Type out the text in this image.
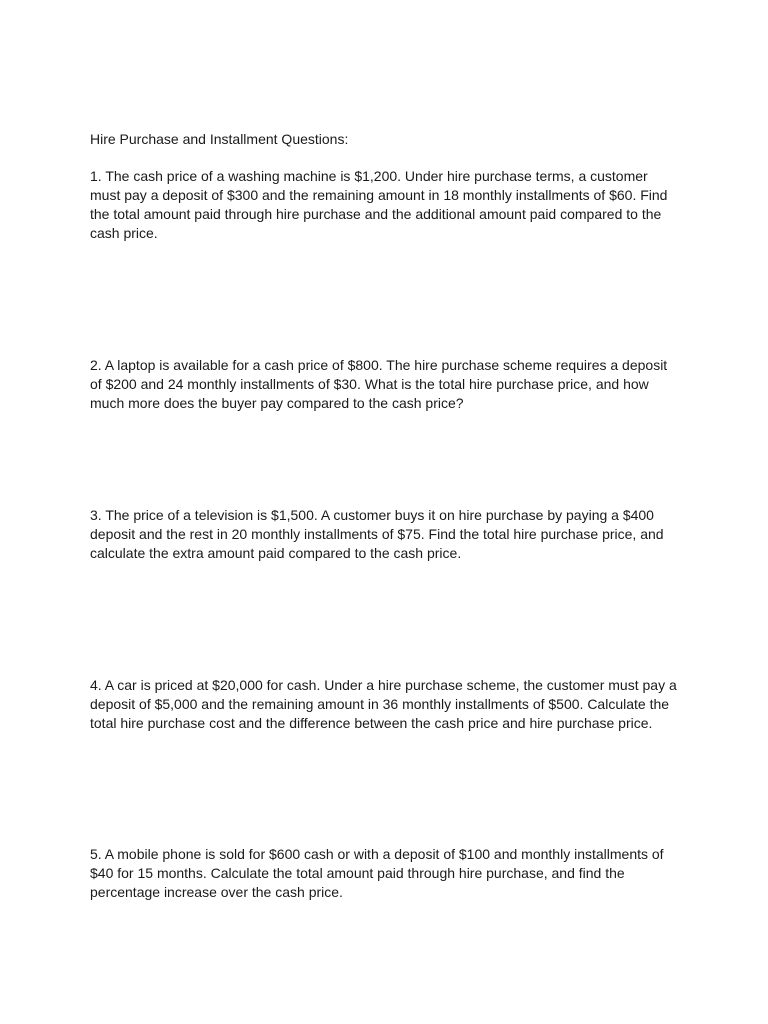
Hire Purchase and Installment Questions:

1. The cash price of a washing machine is $1,200. Under hire purchase terms, a customer must pay a deposit of $300 and the remaining amount in 18 monthly installments of $60. Find the total amount paid through hire purchase and the additional amount paid compared to the cash price.

2. A laptop is available for a cash price of $800. The hire purchase scheme requires a deposit of $200 and 24 monthly installments of $30. What is the total hire purchase price, and how much more does the buyer pay compared to the cash price?

3. The price of a television is $1,500. A customer buys it on hire purchase by paying a $400 deposit and the rest in 20 monthly installments of $75. Find the total hire purchase price, and calculate the extra amount paid compared to the cash price.

4. A car is priced at $20,000 for cash. Under a hire purchase scheme, the customer must pay a deposit of $5,000 and the remaining amount in 36 monthly installments of $500. Calculate the total hire purchase cost and the difference between the cash price and hire purchase price.

5. A mobile phone is sold for $600 cash or with a deposit of $100 and monthly installments of $40 for 15 months. Calculate the total amount paid through hire purchase, and find the percentage increase over the cash price.
